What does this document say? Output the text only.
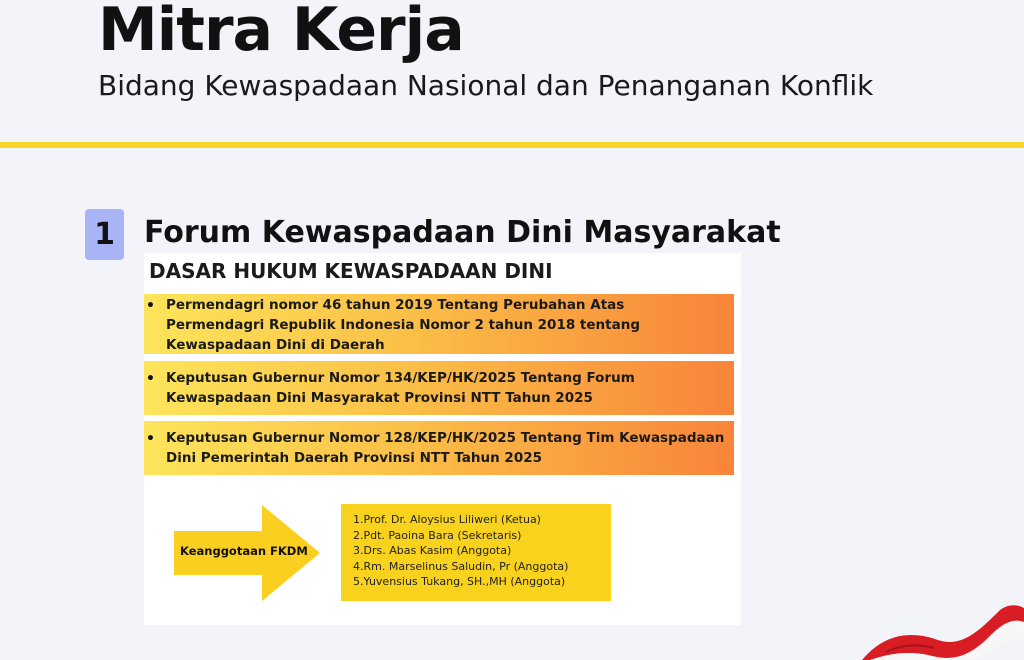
Mitra Kerja
Bidang Kewaspadaan Nasional dan Penanganan Konflik
1 Forum Kewaspadaan Dini Masyarakat
DASAR HUKUM KEWASPADAAN DINI
• Permendagri nomor 46 tahun 2019 Tentang Perubahan Atas Permendagri Republik Indonesia Nomor 2 tahun 2018 tentang Kewaspadaan Dini di Daerah
• Keputusan Gubernur Nomor 134/KEP/HK/2025 Tentang Forum Kewaspadaan Dini Masyarakat Provinsi NTT Tahun 2025
• Keputusan Gubernur Nomor 128/KEP/HK/2025 Tentang Tim Kewaspadaan Dini Pemerintah Daerah Provinsi NTT Tahun 2025
Keanggotaan FKDM
1.Prof. Dr. Aloysius Liliweri (Ketua)
2.Pdt. Paoina Bara (Sekretaris)
3.Drs. Abas Kasim (Anggota)
4.Rm. Marselinus Saludin, Pr (Anggota)
5.Yuvensius Tukang, SH.,MH (Anggota)
